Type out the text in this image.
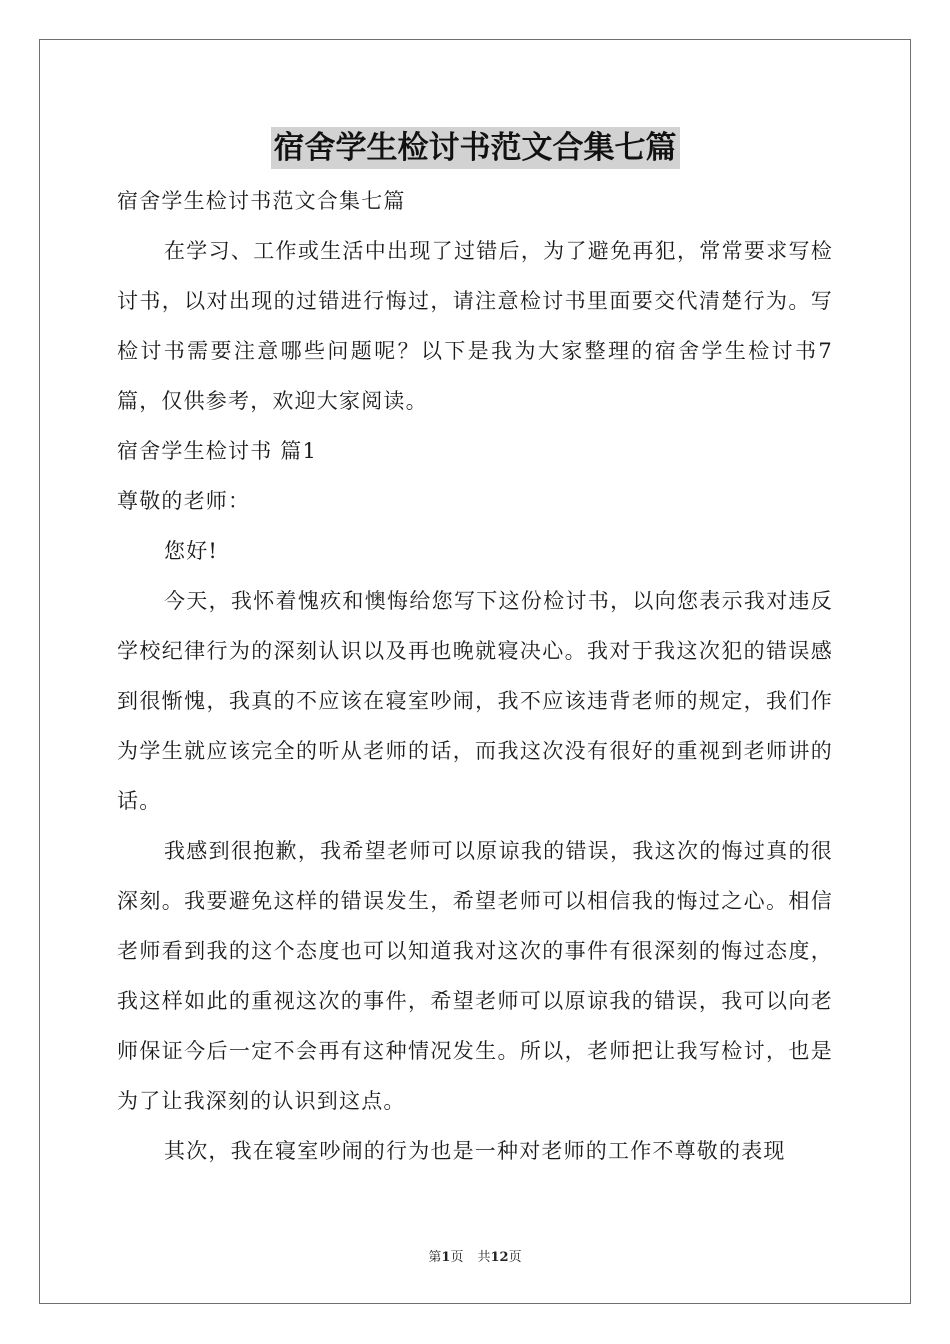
宿舍学生检讨书范文合集七篇

宿舍学生检讨书范文合集七篇

在学习、工作或生活中出现了过错后，为了避免再犯，常常要求写检讨书，以对出现的过错进行悔过，请注意检讨书里面要交代清楚行为。写检讨书需要注意哪些问题呢？以下是我为大家整理的宿舍学生检讨书7篇，仅供参考，欢迎大家阅读。

宿舍学生检讨书 篇1

尊敬的老师：

您好!

今天，我怀着愧疚和懊悔给您写下这份检讨书，以向您表示我对违反学校纪律行为的深刻认识以及再也晚就寝决心。我对于我这次犯的错误感到很惭愧，我真的不应该在寝室吵闹，我不应该违背老师的规定，我们作为学生就应该完全的听从老师的话，而我这次没有很好的重视到老师讲的话。

我感到很抱歉，我希望老师可以原谅我的错误，我这次的悔过真的很深刻。我要避免这样的错误发生，希望老师可以相信我的悔过之心。相信老师看到我的这个态度也可以知道我对这次的事件有很深刻的悔过态度，我这样如此的重视这次的事件，希望老师可以原谅我的错误，我可以向老师保证今后一定不会再有这种情况发生。所以，老师把让我写检讨，也是为了让我深刻的认识到这点。

其次，我在寝室吵闹的行为也是一种对老师的工作不尊敬的表现

第1页 共12页
